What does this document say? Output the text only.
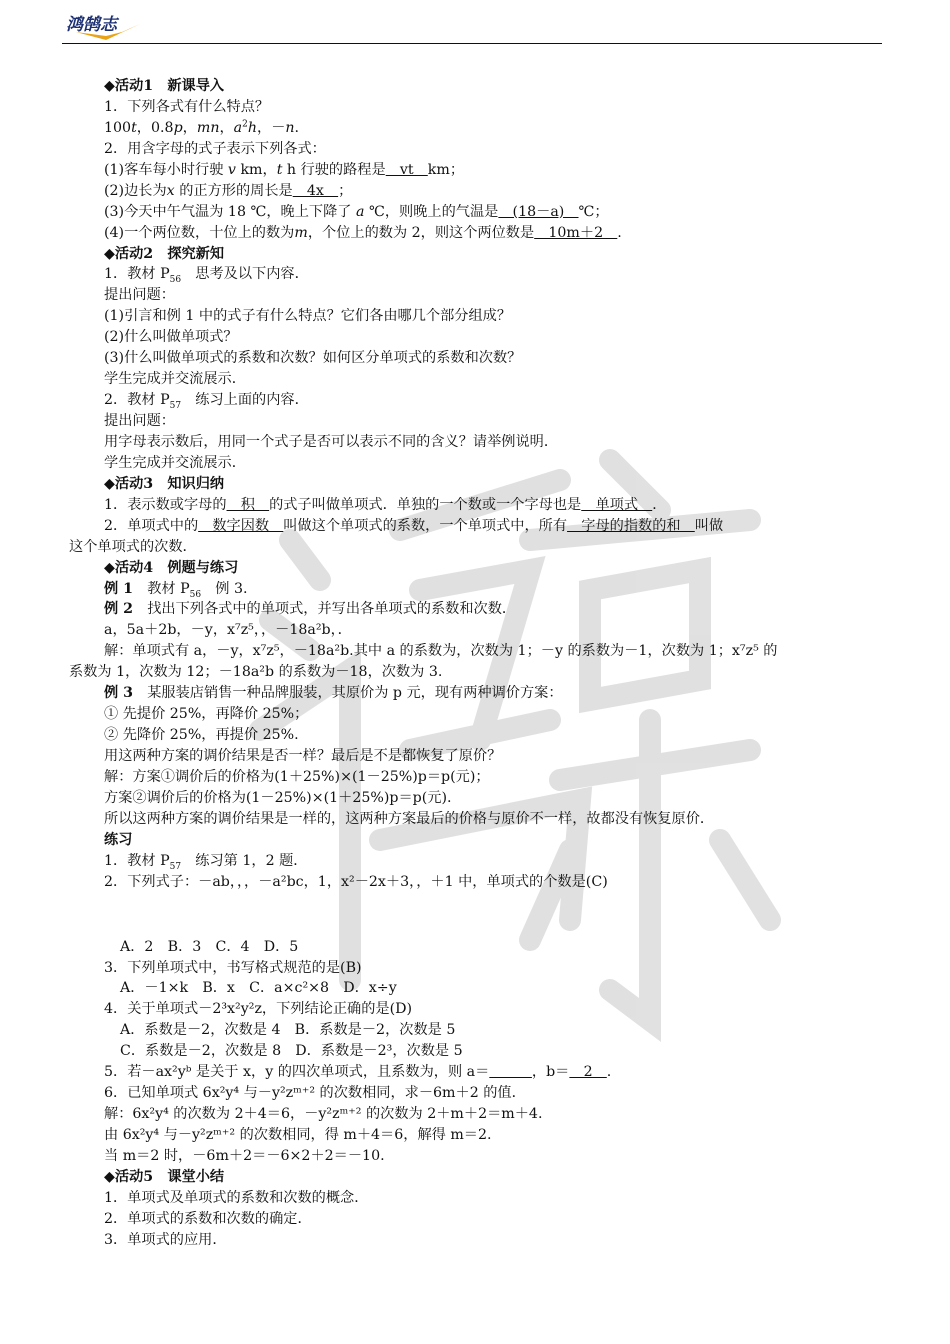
鸿鹄志
◆活动1　新课导入
1．下列各式有什么特点？
100t，0.8p，mn，$a^2h$，－n.
2．用含字母的式子表示下列各式：
(1)客车每小时行驶 v km，t h 行驶的路程是　vt　km；
(2)边长为x 的正方形的周长是　4x　；
(3)今天中午气温为 18 ℃，晚上下降了 a ℃，则晚上的气温是　(18－a)　℃；
(4)一个两位数，十位上的数为m，个位上的数为 2，则这个两位数是　10m＋2　.
◆活动2　探究新知
1．教材 $P_{56}$　思考及以下内容．
提出问题：
(1)引言和例 1 中的式子有什么特点？它们各由哪几个部分组成？
(2)什么叫做单项式？
(3)什么叫做单项式的系数和次数？如何区分单项式的系数和次数？
学生完成并交流展示．
2．教材 $P_{57}$　练习上面的内容．
提出问题：
用字母表示数后，用同一个式子是否可以表示不同的含义？请举例说明．
学生完成并交流展示．
◆活动3　知识归纳
1．表示数或字母的　积　的式子叫做单项式．单独的一个数或一个字母也是　单项式　．
2．单项式中的　数字因数　叫做这个单项式的系数，一个单项式中，所有　字母的指数的和　叫做
这个单项式的次数．
◆活动4　例题与练习
例 1　教材 $P_{56}$　例 3.
例 2　找出下列各式中的单项式，并写出各单项式的系数和次数．
a，5a＋2b，－y，x⁷z⁵，，－18a²b，．
解：单项式有 a，－y，x⁷z⁵，－18a²b.其中 a 的系数为，次数为 1；－y 的系数为－1，次数为 1；x⁷z⁵ 的
系数为 1，次数为 12；－18a²b 的系数为－18，次数为 3.
例 3　某服装店销售一种品牌服装，其原价为 p 元，现有两种调价方案：
① 先提价 25%，再降价 25%；
② 先降价 25%，再提价 25%.
用这两种方案的调价结果是否一样？最后是不是都恢复了原价？
解：方案①调价后的价格为(1＋25%)×(1－25%)p＝p(元)；
方案②调价后的价格为(1－25%)×(1＋25%)p＝p(元).
所以这两种方案的调价结果是一样的，这两种方案最后的价格与原价不一样，故都没有恢复原价．
练习
1．教材 $P_{57}$　练习第 1，2 题．
2．下列式子：－ab，，，－a²bc，1，x²－2x＋3，，＋1 中，单项式的个数是(C)
A．2　B．3　C．4　D．5
3．下列单项式中，书写格式规范的是(B)
A．－1×k　B．x　C．a×c²×8　D．x÷y
4．关于单项式－2³x²y²z，下列结论正确的是(D)
A．系数是－2，次数是 4　B．系数是－2，次数是 5
C．系数是－2，次数是 8　D．系数是－2³，次数是 5
5．若－ax²yᵇ 是关于 x，y 的四次单项式，且系数为，则 a＝　　　	，b＝　2　.
6．已知单项式 6x²y⁴ 与－y²zᵐ⁺² 的次数相同，求－6m＋2 的值．
解：6x²y⁴ 的次数为 2＋4＝6，－y²zᵐ⁺² 的次数为 2＋m＋2＝m＋4.
由 6x²y⁴ 与－y²zᵐ⁺² 的次数相同，得 m＋4＝6，解得 m＝2.
当 m＝2 时，－6m＋2＝－6×2＋2＝－10.
◆活动5　课堂小结
1．单项式及单项式的系数和次数的概念．
2．单项式的系数和次数的确定．
3．单项式的应用．
